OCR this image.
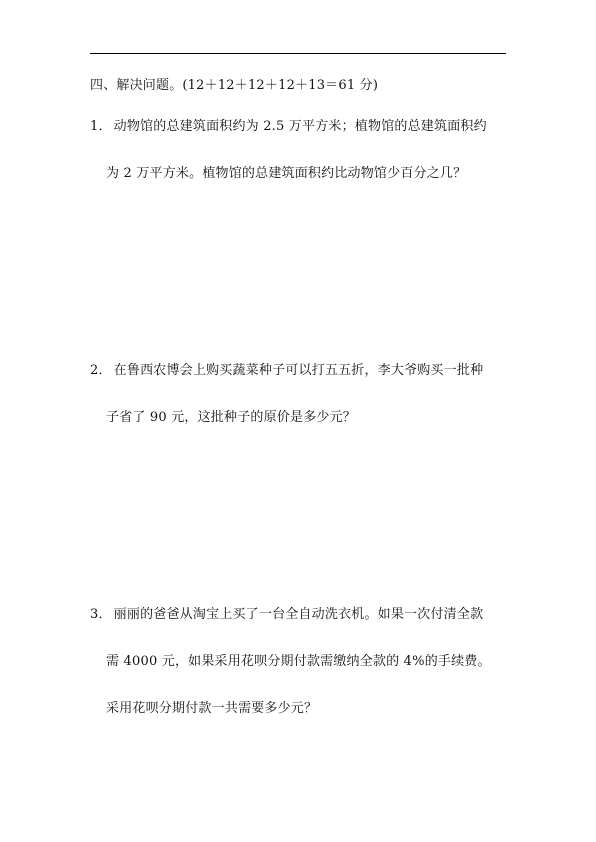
四、解决问题。(12＋12＋12＋12＋13＝61 分)
1． 动物馆的总建筑面积约为 2.5 万平方米；植物馆的总建筑面积约
为 2 万平方米。植物馆的总建筑面积约比动物馆少百分之几？
2． 在鲁西农博会上购买蔬菜种子可以打五五折，李大爷购买一批种
子省了 90 元，这批种子的原价是多少元？
3． 丽丽的爸爸从淘宝上买了一台全自动洗衣机。如果一次付清全款
需 4000 元，如果采用花呗分期付款需缴纳全款的 4%的手续费。
采用花呗分期付款一共需要多少元？
